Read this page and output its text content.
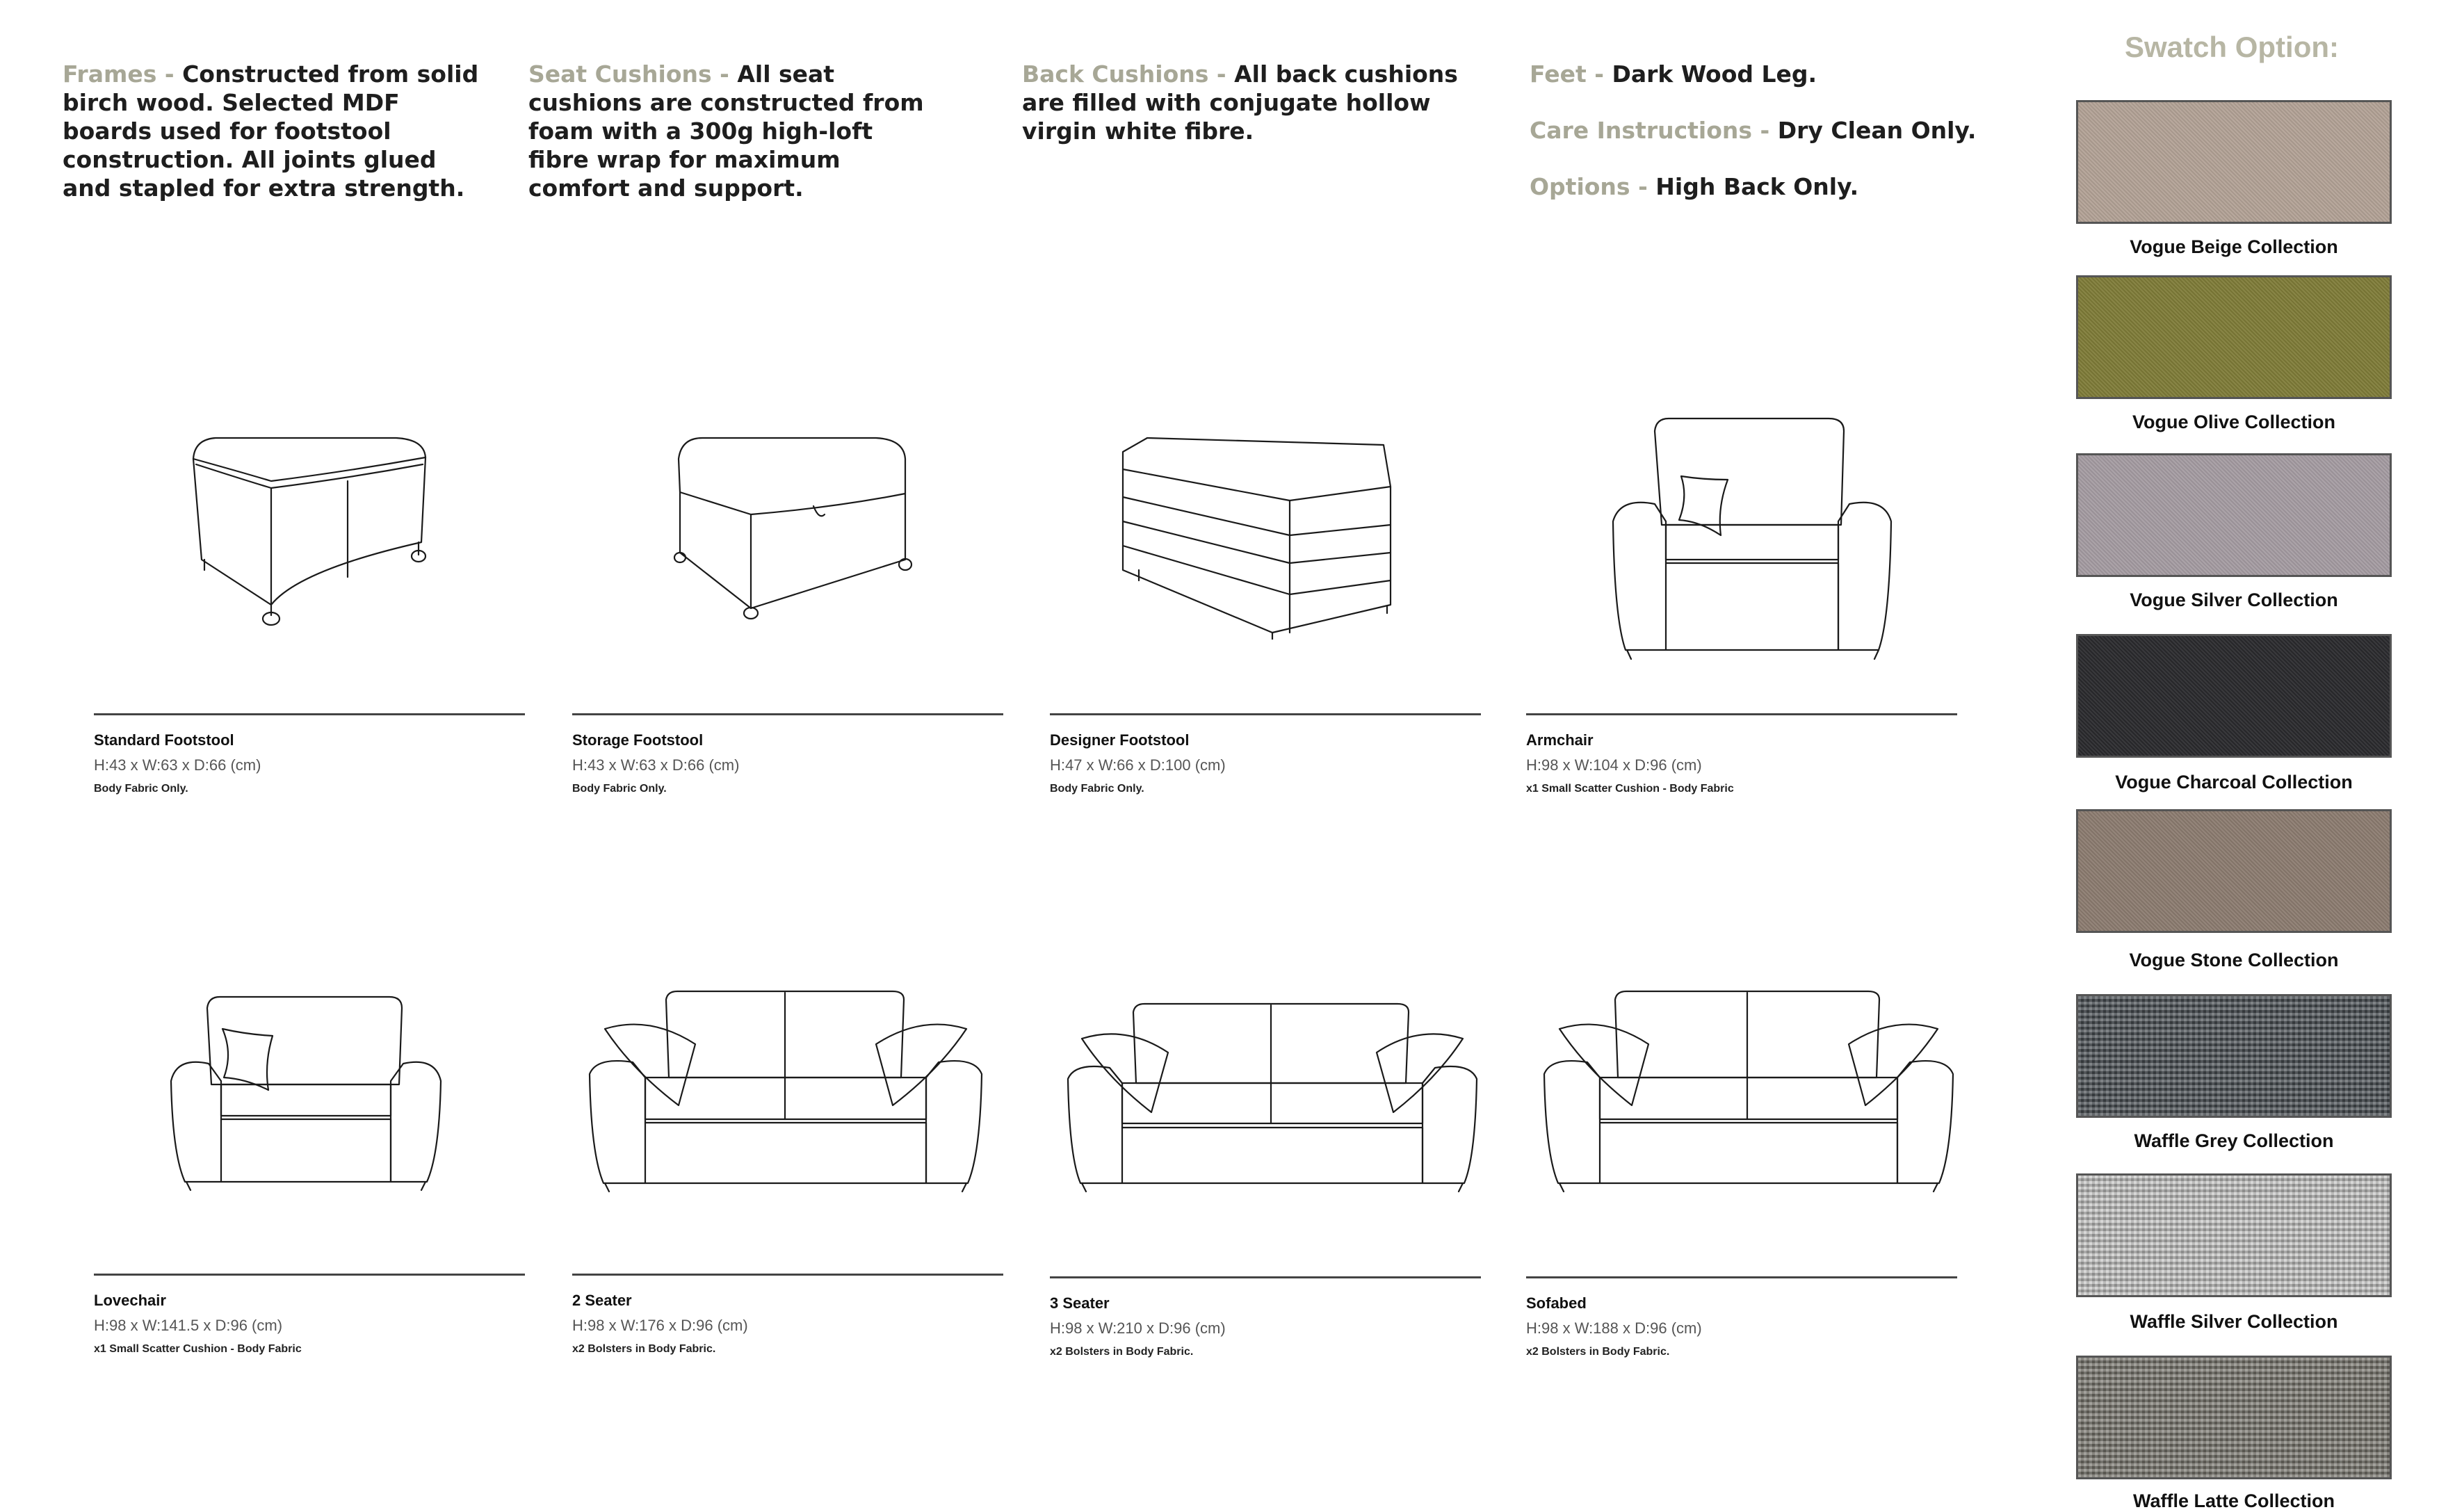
Frames - Constructed from solid birch wood. Selected MDF boards used for footstool construction. All joints glued and stapled for extra strength.
Seat Cushions - All seat cushions are constructed from foam with a 300g high-loft fibre wrap for maximum comfort and support.
Back Cushions - All back cushions are filled with conjugate hollow virgin white fibre.

Feet - Dark Wood Leg.

Care Instructions - Dry Clean Only.

Options - High Back Only.

Standard Footstool
H:43 x W:63 x D:66 (cm)
Body Fabric Only.
Storage Footstool
H:43 x W:63 x D:66 (cm)
Body Fabric Only.
Designer Footstool
H:47 x W:66 x D:100 (cm)
Body Fabric Only.
Armchair
H:98 x W:104 x D:96 (cm)
x1 Small Scatter Cushion - Body Fabric
Lovechair
H:98 x W:141.5 x D:96 (cm)
x1 Small Scatter Cushion - Body Fabric
2 Seater
H:98 x W:176 x D:96 (cm)
x2 Bolsters in Body Fabric.
3 Seater
H:98 x W:210 x D:96 (cm)
x2 Bolsters in Body Fabric.
Sofabed
H:98 x W:188 x D:96 (cm)
x2 Bolsters in Body Fabric.
Swatch Option:
Vogue Beige Collection
Vogue Olive Collection
Vogue Silver Collection
Vogue Charcoal Collection
Vogue Stone Collection
Waffle Grey Collection
Waffle Silver Collection
Waffle Latte Collection
